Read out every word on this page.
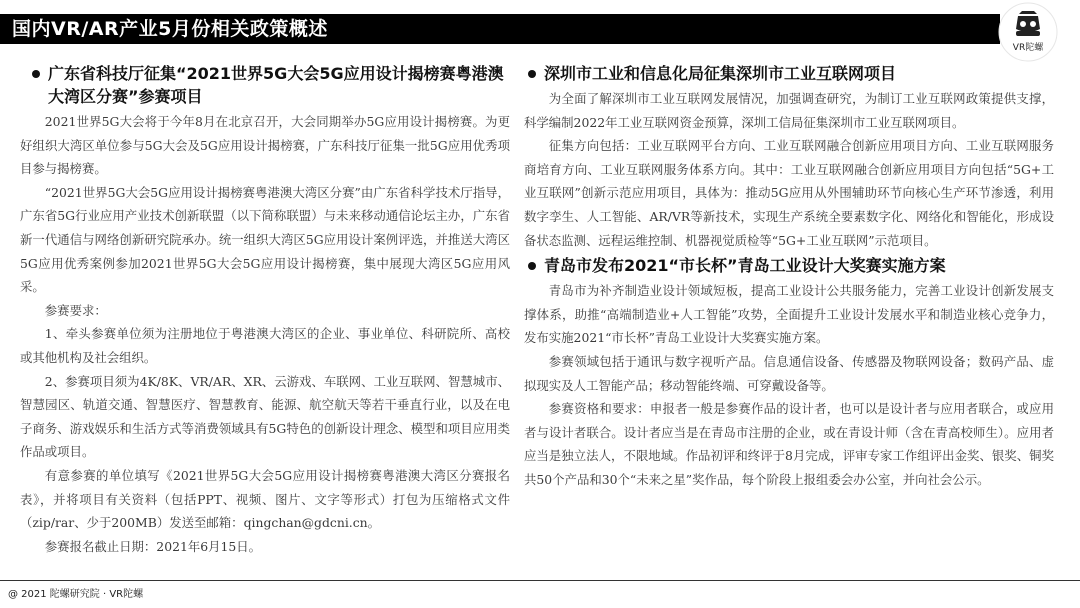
国内VR/AR产业5月份相关政策概述
VR陀螺
广东省科技厅征集“2021世界5G大会5G应用设计揭榜赛粤港澳大湾区分赛”参赛项目

2021世界5G大会将于今年8月在北京召开，大会同期举办5G应用设计揭榜赛。为更好组织大湾区单位参与5G大会及5G应用设计揭榜赛，广东科技厅征集一批5G应用优秀项目参与揭榜赛。

“2021世界5G大会5G应用设计揭榜赛粤港澳大湾区分赛”由广东省科学技术厅指导，广东省5G行业应用产业技术创新联盟（以下简称联盟）与未来移动通信论坛主办，广东省新一代通信与网络创新研究院承办。统一组织大湾区5G应用设计案例评选，并推送大湾区5G应用优秀案例参加2021世界5G大会5G应用设计揭榜赛，集中展现大湾区5G应用风采。

参赛要求：

1、牵头参赛单位须为注册地位于粤港澳大湾区的企业、事业单位、科研院所、高校或其他机构及社会组织。

2、参赛项目须为4K/8K、VR/AR、XR、云游戏、车联网、工业互联网、智慧城市、智慧园区、轨道交通、智慧医疗、智慧教育、能源、航空航天等若干垂直行业，以及在电子商务、游戏娱乐和生活方式等消费领域具有5G特色的创新设计理念、模型和项目应用类作品或项目。

有意参赛的单位填写《2021世界5G大会5G应用设计揭榜赛粤港澳大湾区分赛报名表》，并将项目有关资料（包括PPT、视频、图片、文字等形式）打包为压缩格式文件（zip/rar、少于200MB）发送至邮箱：qingchan@gdcni.cn。

参赛报名截止日期：2021年6月15日。

深圳市工业和信息化局征集深圳市工业互联网项目

为全面了解深圳市工业互联网发展情况，加强调查研究，为制订工业互联网政策提供支撑，科学编制2022年工业互联网资金预算，深圳工信局征集深圳市工业互联网项目。

征集方向包括：工业互联网平台方向、工业互联网融合创新应用项目方向、工业互联网服务商培育方向、工业互联网服务体系方向。其中：工业互联网融合创新应用项目方向包括“5G+工业互联网”创新示范应用项目，具体为：推动5G应用从外围辅助环节向核心生产环节渗透，利用数字孪生、人工智能、AR/VR等新技术，实现生产系统全要素数字化、网络化和智能化，形成设备状态监测、远程运维控制、机器视觉质检等“5G+工业互联网”示范项目。

青岛市发布2021“市长杯”青岛工业设计大奖赛实施方案

青岛市为补齐制造业设计领域短板，提高工业设计公共服务能力，完善工业设计创新发展支撑体系，助推“高端制造业+人工智能”攻势，全面提升工业设计发展水平和制造业核心竞争力，发布实施2021“市长杯”青岛工业设计大奖赛实施方案。

参赛领域包括于通讯与数字视听产品。信息通信设备、传感器及物联网设备；数码产品、虚拟现实及人工智能产品；移动智能终端、可穿戴设备等。

参赛资格和要求：申报者一般是参赛作品的设计者，也可以是设计者与应用者联合，或应用者与设计者联合。设计者应当是在青岛市注册的企业，或在青设计师（含在青高校师生）。应用者应当是独立法人，不限地域。作品初评和终评于8月完成，评审专家工作组评出金奖、银奖、铜奖共50个产品和30个“未来之星”奖作品，每个阶段上报组委会办公室，并向社会公示。

@ 2021 陀螺研究院 · VR陀螺
